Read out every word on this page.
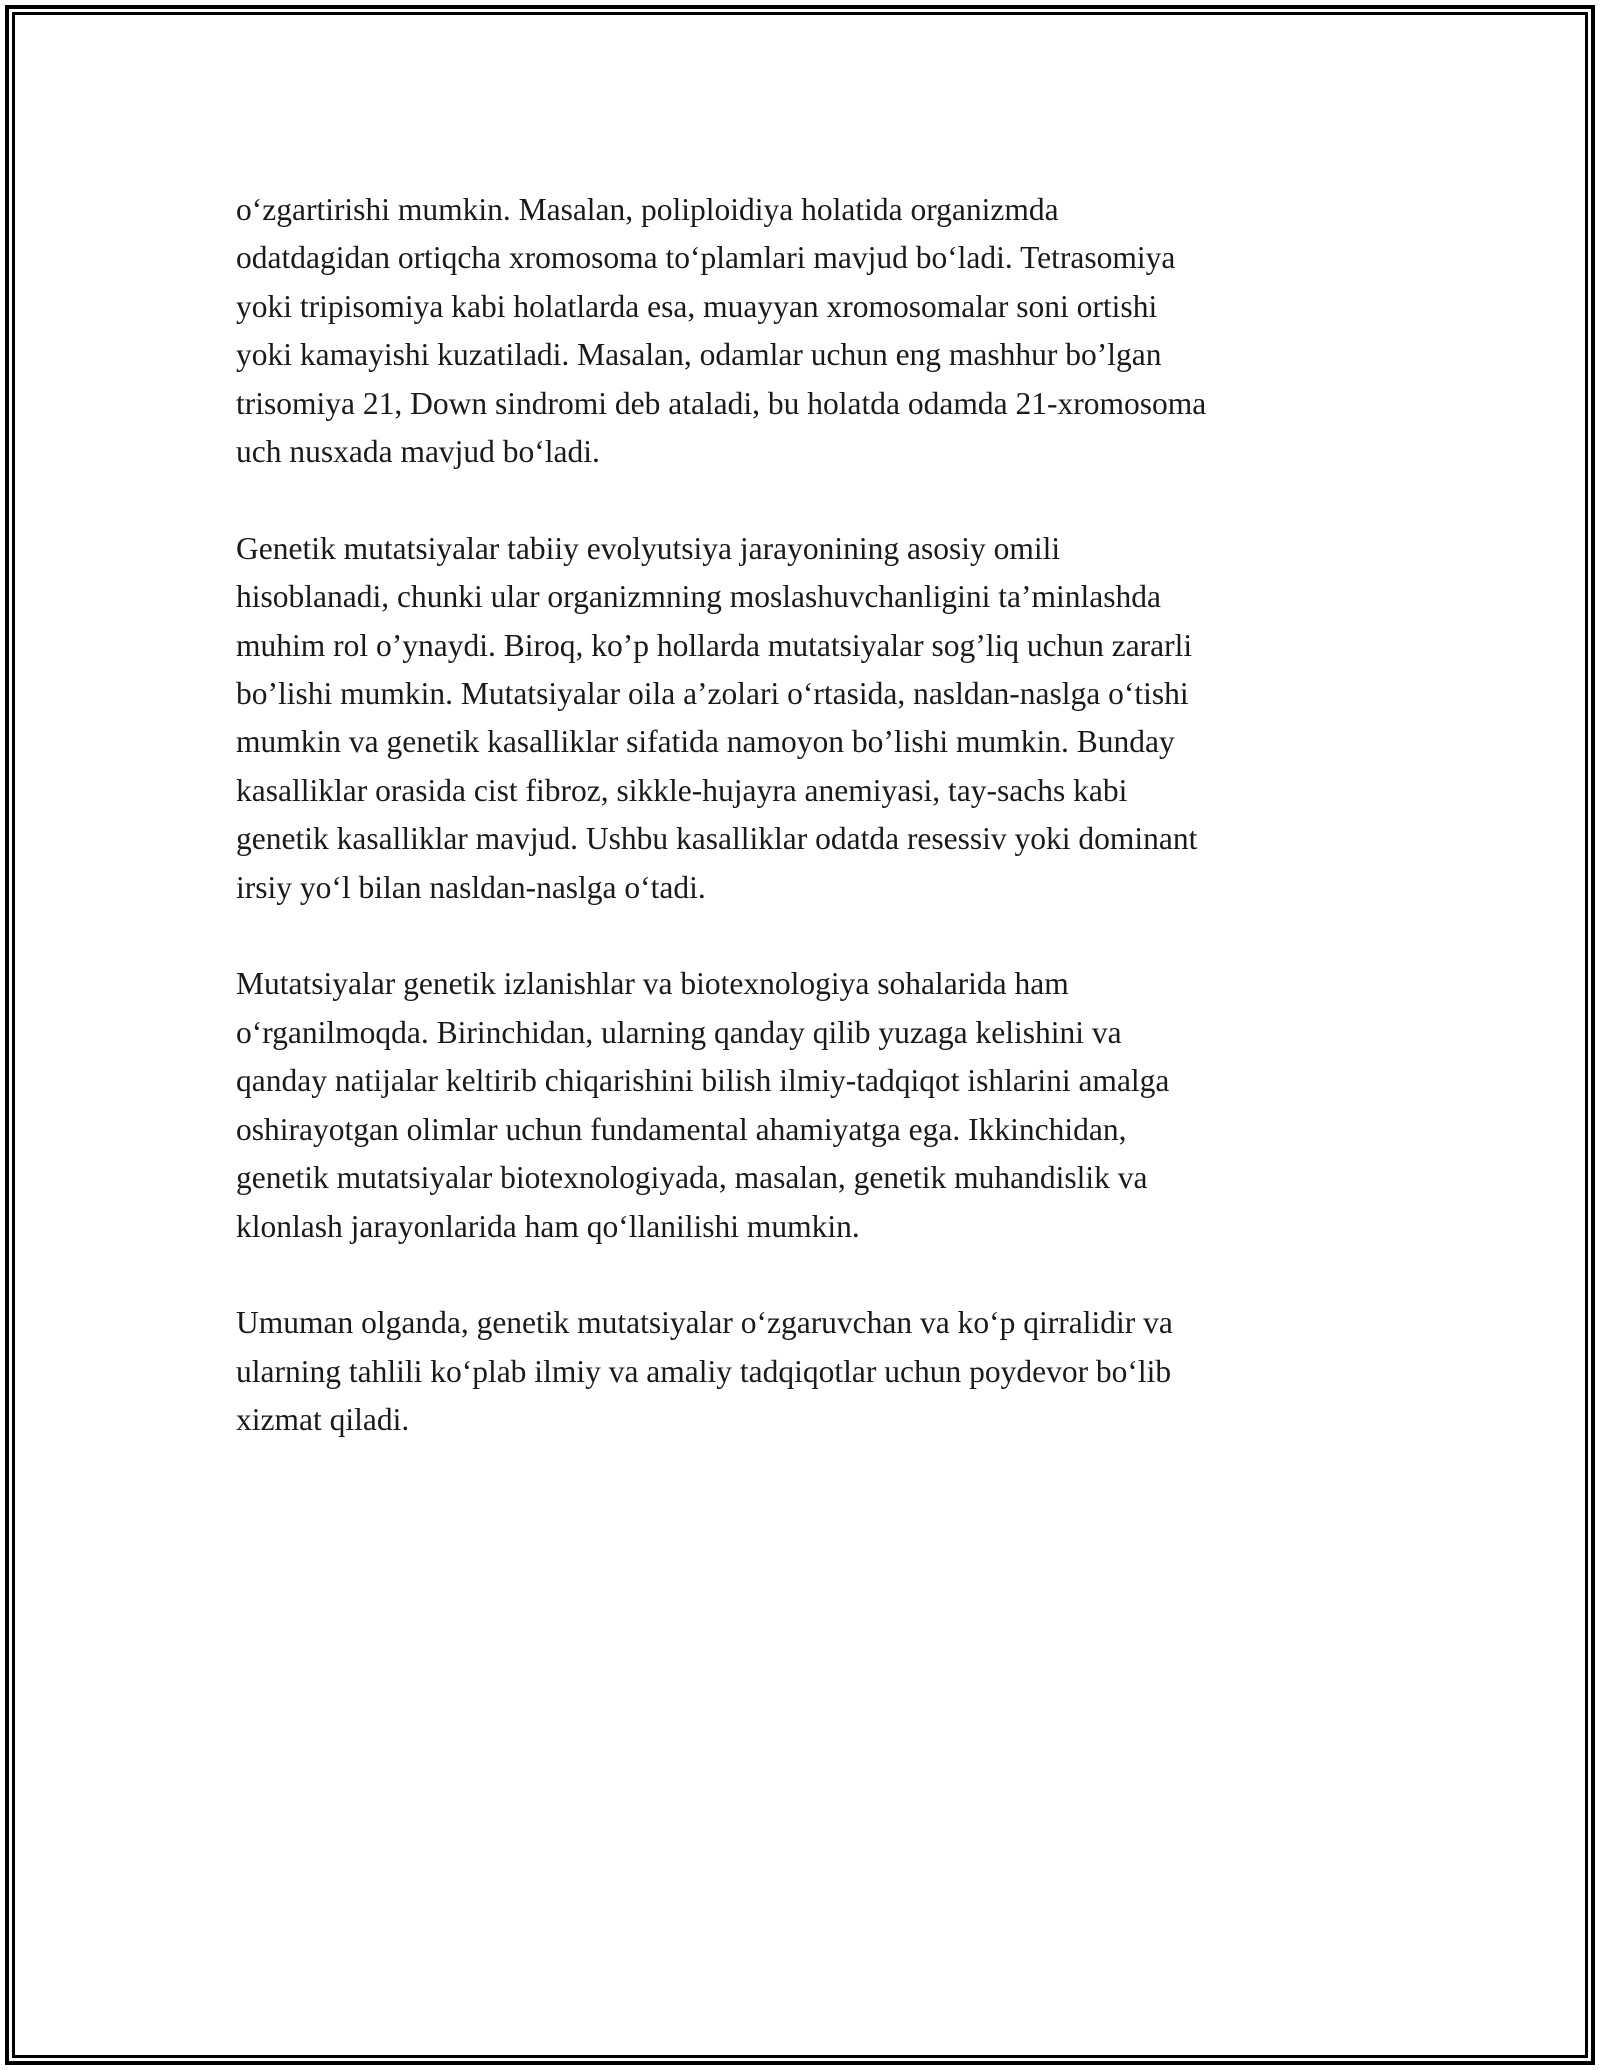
o‘zgartirishi mumkin. Masalan, poliploidiya holatida organizmda
odatdagidan ortiqcha xromosoma to‘plamlari mavjud bo‘ladi. Tetrasomiya
yoki tripisomiya kabi holatlarda esa, muayyan xromosomalar soni ortishi
yoki kamayishi kuzatiladi. Masalan, odamlar uchun eng mashhur bo’lgan
trisomiya 21, Down sindromi deb ataladi, bu holatda odamda 21-xromosoma
uch nusxada mavjud bo‘ladi.
Genetik mutatsiyalar tabiiy evolyutsiya jarayonining asosiy omili
hisoblanadi, chunki ular organizmning moslashuvchanligini ta’minlashda
muhim rol o’ynaydi. Biroq, ko’p hollarda mutatsiyalar sog’liq uchun zararli
bo’lishi mumkin. Mutatsiyalar oila a’zolari o‘rtasida, nasldan-naslga o‘tishi
mumkin va genetik kasalliklar sifatida namoyon bo’lishi mumkin. Bunday
kasalliklar orasida cist fibroz, sikkle-hujayra anemiyasi, tay-sachs kabi
genetik kasalliklar mavjud. Ushbu kasalliklar odatda resessiv yoki dominant
irsiy yo‘l bilan nasldan-naslga o‘tadi.
Mutatsiyalar genetik izlanishlar va biotexnologiya sohalarida ham
o‘rganilmoqda. Birinchidan, ularning qanday qilib yuzaga kelishini va
qanday natijalar keltirib chiqarishini bilish ilmiy-tadqiqot ishlarini amalga
oshirayotgan olimlar uchun fundamental ahamiyatga ega. Ikkinchidan,
genetik mutatsiyalar biotexnologiyada, masalan, genetik muhandislik va
klonlash jarayonlarida ham qo‘llanilishi mumkin.
Umuman olganda, genetik mutatsiyalar o‘zgaruvchan va ko‘p qirralidir va
ularning tahlili ko‘plab ilmiy va amaliy tadqiqotlar uchun poydevor bo‘lib
xizmat qiladi.
